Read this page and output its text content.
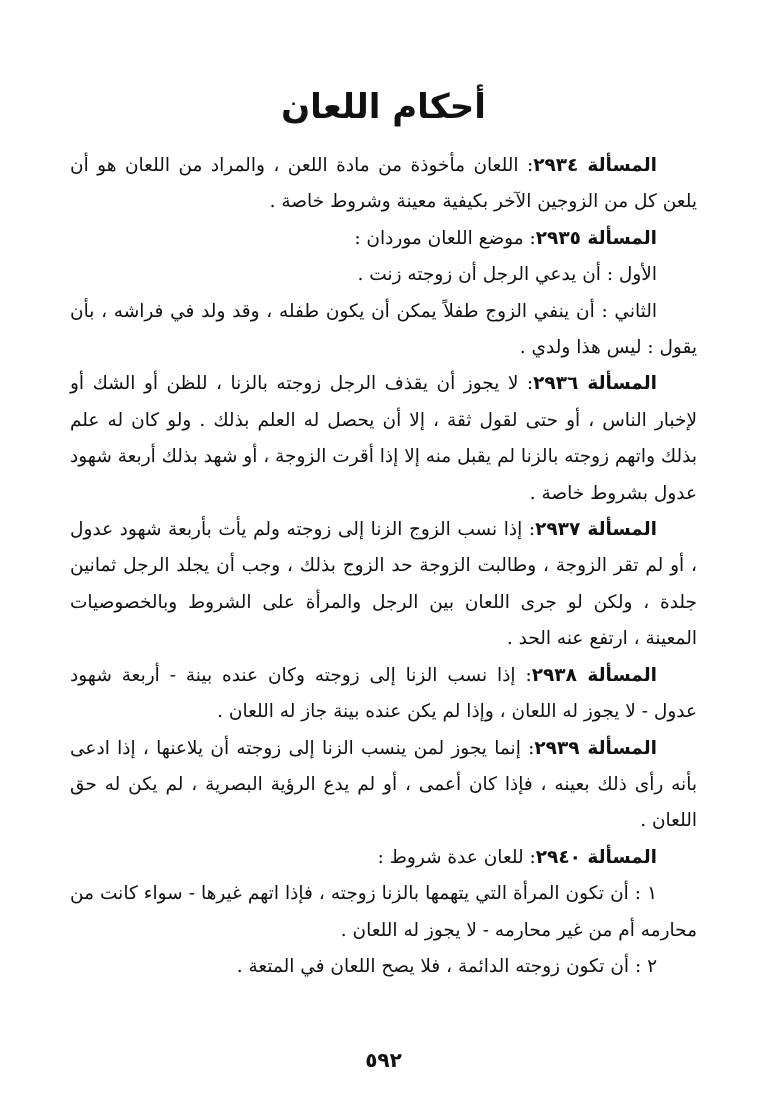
أحكام اللعان

المسألة ٢٩٣٤: اللعان مأخوذة من مادة اللعن ، والمراد من اللعان هو أن يلعن كل من الزوجين الآخر بكيفية معينة وشروط خاصة .

المسألة ٢٩٣٥: موضع اللعان موردان :

الأول : أن يدعي الرجل أن زوجته زنت .

الثاني : أن ينفي الزوج طفلاً يمكن أن يكون طفله ، وقد ولد في فراشه ، بأن يقول : ليس هذا ولدي .

المسألة ٢٩٣٦: لا يجوز أن يقذف الرجل زوجته بالزنا ، للظن أو الشك أو لإخبار الناس ، أو حتى لقول ثقة ، إلا أن يحصل له العلم بذلك . ولو كان له علم بذلك واتهم زوجته بالزنا لم يقبل منه إلا إذا أقرت الزوجة ، أو شهد بذلك أربعة شهود عدول بشروط خاصة .

المسألة ٢٩٣٧: إذا نسب الزوج الزنا إلى زوجته ولم يأت بأربعة شهود عدول ، أو لم تقر الزوجة ، وطالبت الزوجة حد الزوج بذلك ، وجب أن يجلد الرجل ثمانين جلدة ، ولكن لو جرى اللعان بين الرجل والمرأة على الشروط وبالخصوصيات المعينة ، ارتفع عنه الحد .

المسألة ٢٩٣٨: إذا نسب الزنا إلى زوجته وكان عنده بينة - أربعة شهود عدول - لا يجوز له اللعان ، وإذا لم يكن عنده بينة جاز له اللعان .

المسألة ٢٩٣٩: إنما يجوز لمن ينسب الزنا إلى زوجته أن يلاعنها ، إذا ادعى بأنه رأى ذلك بعينه ، فإذا كان أعمى ، أو لم يدع الرؤية البصرية ، لم يكن له حق اللعان .

المسألة ٢٩٤٠: للعان عدة شروط :

١ : أن تكون المرأة التي يتهمها بالزنا زوجته ، فإذا اتهم غيرها - سواء كانت من محارمه أم من غير محارمه - لا يجوز له اللعان .

٢ : أن تكون زوجته الدائمة ، فلا يصح اللعان في المتعة .

٥٩٢
